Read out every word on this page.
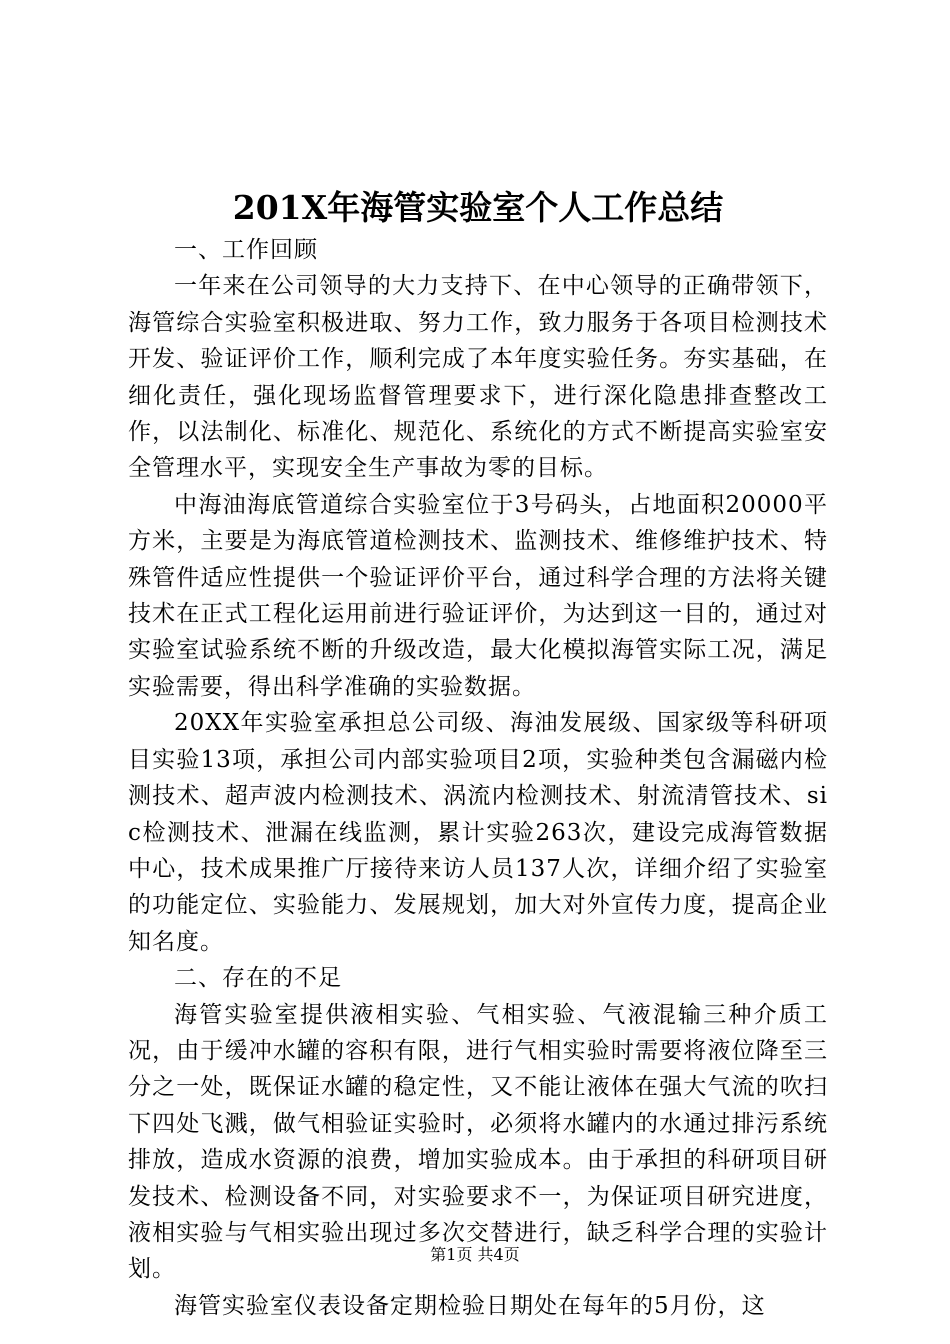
201X年海管实验室个人工作总结

一、工作回顾

一年来在公司领导的大力支持下、在中心领导的正确带领下，海管综合实验室积极进取、努力工作，致力服务于各项目检测技术开发、验证评价工作，顺利完成了本年度实验任务。夯实基础，在细化责任，强化现场监督管理要求下，进行深化隐患排查整改工作，以法制化、标准化、规范化、系统化的方式不断提高实验室安全管理水平，实现安全生产事故为零的目标。

中海油海底管道综合实验室位于3号码头，占地面积20000平方米，主要是为海底管道检测技术、监测技术、维修维护技术、特殊管件适应性提供一个验证评价平台，通过科学合理的方法将关键技术在正式工程化运用前进行验证评价，为达到这一目的，通过对实验室试验系统不断的升级改造，最大化模拟海管实际工况，满足实验需要，得出科学准确的实验数据。

20XX年实验室承担总公司级、海油发展级、国家级等科研项目实验13项，承担公司内部实验项目2项，实验种类包含漏磁内检测技术、超声波内检测技术、涡流内检测技术、射流清管技术、sic检测技术、泄漏在线监测，累计实验263次，建设完成海管数据中心，技术成果推广厅接待来访人员137人次，详细介绍了实验室的功能定位、实验能力、发展规划，加大对外宣传力度，提高企业知名度。

二、存在的不足

海管实验室提供液相实验、气相实验、气液混输三种介质工况，由于缓冲水罐的容积有限，进行气相实验时需要将液位降至三分之一处，既保证水罐的稳定性，又不能让液体在强大气流的吹扫下四处飞溅，做气相验证实验时，必须将水罐内的水通过排污系统排放，造成水资源的浪费，增加实验成本。由于承担的科研项目研发技术、检测设备不同，对实验要求不一，为保证项目研究进度，液相实验与气相实验出现过多次交替进行，缺乏科学合理的实验计划。

海管实验室仪表设备定期检验日期处在每年的5月份，这

第1页 共4页
